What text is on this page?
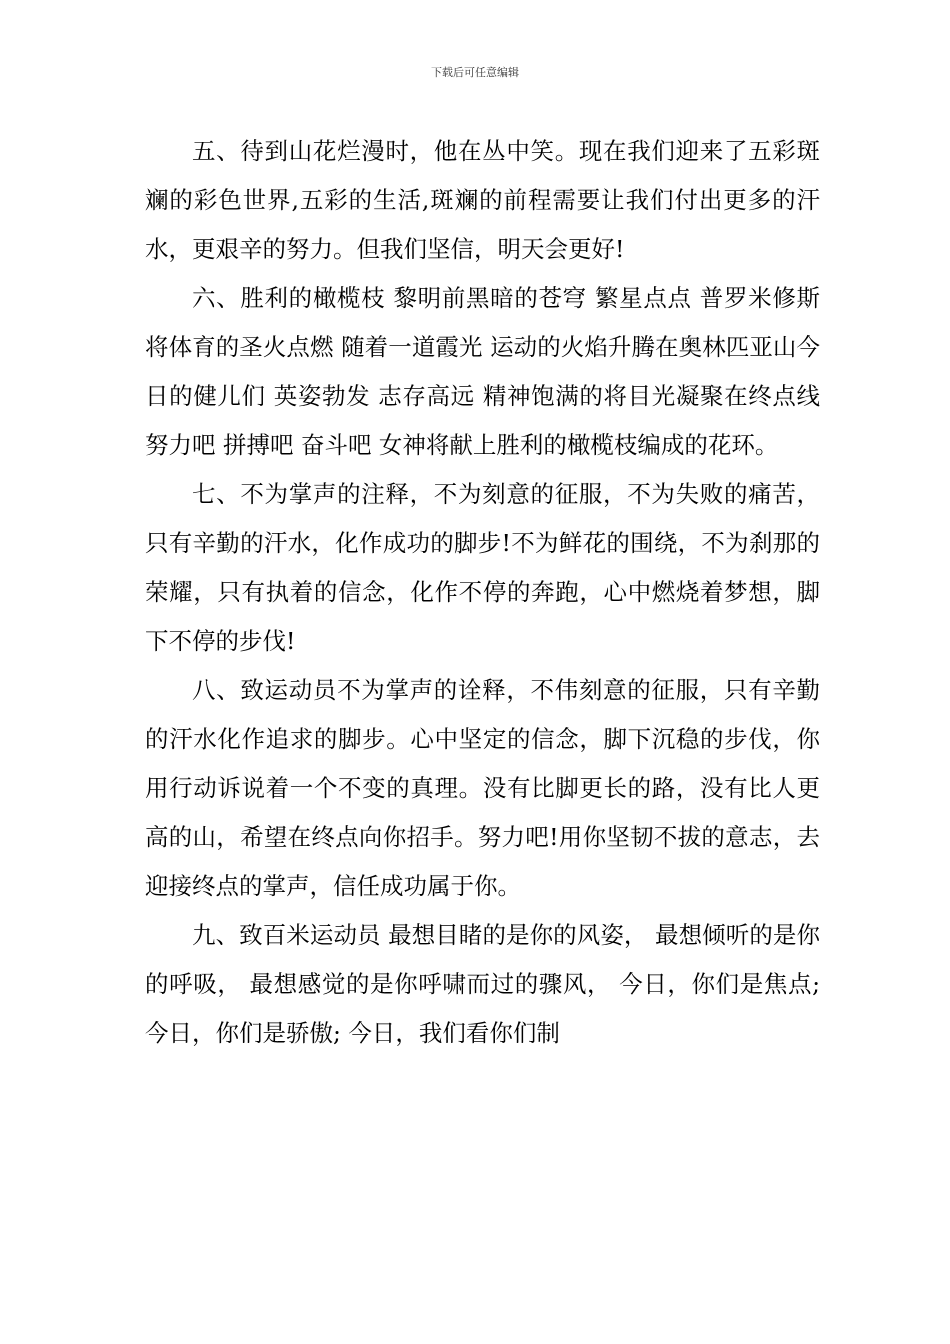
下载后可任意编辑

五、待到山花烂漫时，他在丛中笑。现在我们迎来了五彩斑斓的彩色世界,五彩的生活,斑斓的前程需要让我们付出更多的汗水，更艰辛的努力。但我们坚信，明天会更好!

六、胜利的橄榄枝 黎明前黑暗的苍穹 繁星点点 普罗米修斯将体育的圣火点燃 随着一道霞光 运动的火焰升腾在奥林匹亚山今日的健儿们 英姿勃发 志存高远 精神饱满的将目光凝聚在终点线 努力吧 拼搏吧 奋斗吧 女神将献上胜利的橄榄枝编成的花环。

七、不为掌声的注释，不为刻意的征服，不为失败的痛苦，只有辛勤的汗水，化作成功的脚步!不为鲜花的围绕，不为刹那的荣耀，只有执着的信念，化作不停的奔跑，心中燃烧着梦想，脚下不停的步伐!

八、致运动员不为掌声的诠释，不伟刻意的征服，只有辛勤的汗水化作追求的脚步。心中坚定的信念，脚下沉稳的步伐，你用行动诉说着一个不变的真理。没有比脚更长的路，没有比人更高的山，希望在终点向你招手。努力吧!用你坚韧不拔的意志，去迎接终点的掌声，信任成功属于你。

九、致百米运动员 最想目睹的是你的风姿， 最想倾听的是你的呼吸， 最想感觉的是你呼啸而过的骤风， 今日，你们是焦点;今日，你们是骄傲; 今日，我们看你们制
